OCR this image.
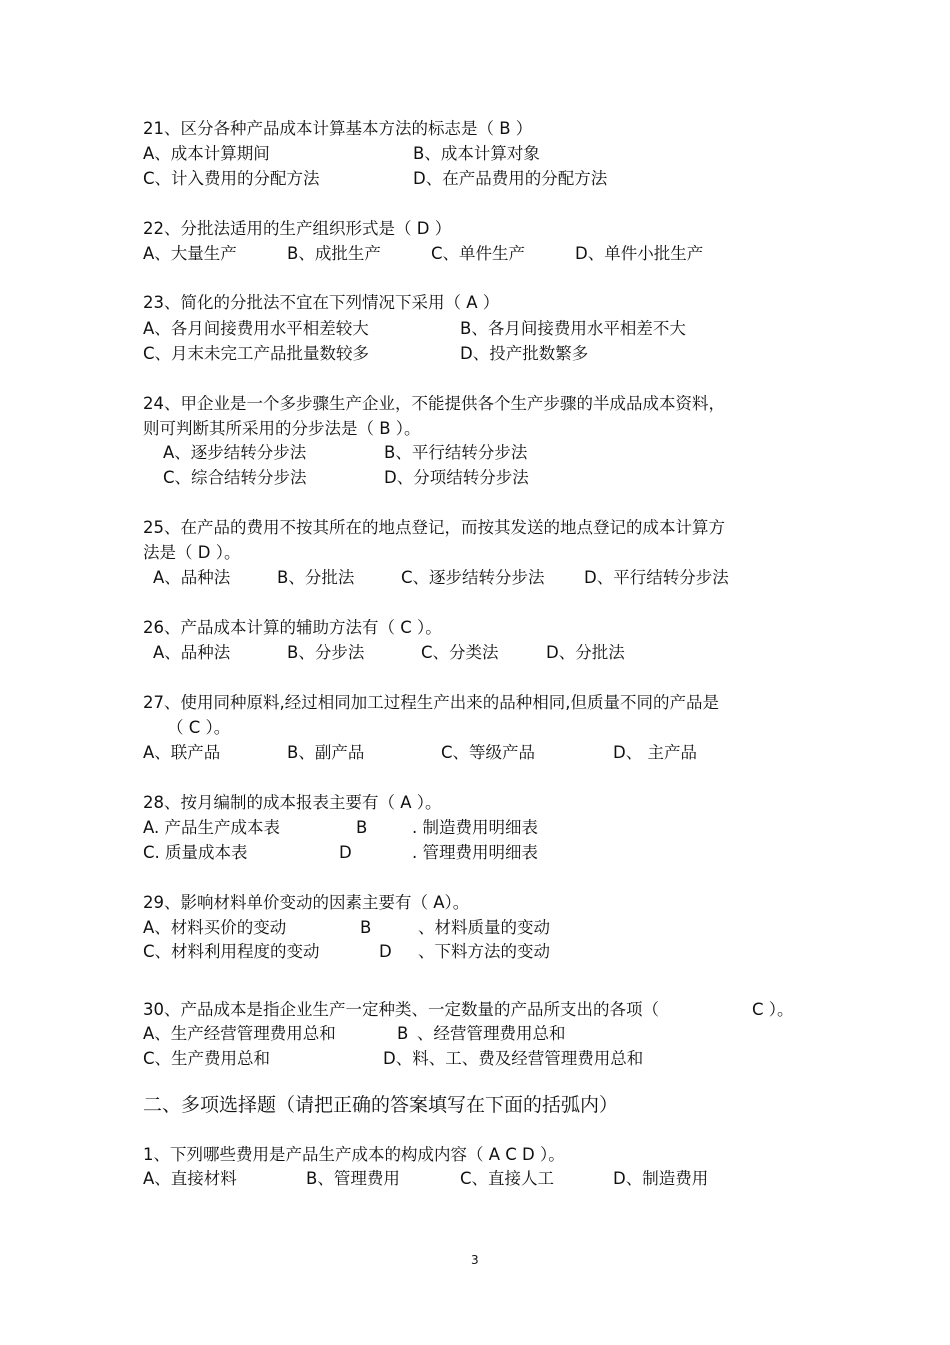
21、区分各种产品成本计算基本方法的标志是（ B ）
A、成本计算期间	B、成本计算对象
C、计入费用的分配方法	D、在产品费用的分配方法
22、分批法适用的生产组织形式是（ D ）
A、大量生产	B、成批生产	C、单件生产	D、单件小批生产
23、简化的分批法不宜在下列情况下采用（ A ）
A、各月间接费用水平相差较大	B、各月间接费用水平相差不大
C、月末未完工产品批量数较多	D、投产批数繁多
24、甲企业是一个多步骤生产企业，不能提供各个生产步骤的半成品成本资料，
则可判断其所采用的分步法是（ B ）。
A、逐步结转分步法	B、平行结转分步法
C、综合结转分步法	D、分项结转分步法
25、在产品的费用不按其所在的地点登记，而按其发送的地点登记的成本计算方
法是（ D ）。
A、品种法	B、分批法	C、逐步结转分步法 D、平行结转分步法
26、产品成本计算的辅助方法有（ C ）。
A、品种法	B、分步法	C、分类法	D、分批法
27、使用同种原料,经过相同加工过程生产出来的品种相同,但质量不同的产品是
（ C ）。
A、联产品	B、副产品	C、等级产品	D、 主产品
28、按月编制的成本报表主要有（ A ）。
A. 产品生产成本表	B	. 制造费用明细表
C. 质量成本表	D	. 管理费用明细表
29、影响材料单价变动的因素主要有（ A）。
A、材料买价的变动	B	、材料质量的变动
C、材料利用程度的变动	D 、下料方法的变动
30、产品成本是指企业生产一定种类、一定数量的产品所支出的各项（	C ）。
A、生产经营管理费用总和	B 、经营管理费用总和
C、生产费用总和	D、料、工、费及经营管理费用总和
二、多项选择题（请把正确的答案填写在下面的括弧内）
1、下列哪些费用是产品生产成本的构成内容（ A C D ）。
A、直接材料	B、管理费用	C、直接人工	D、制造费用
3
